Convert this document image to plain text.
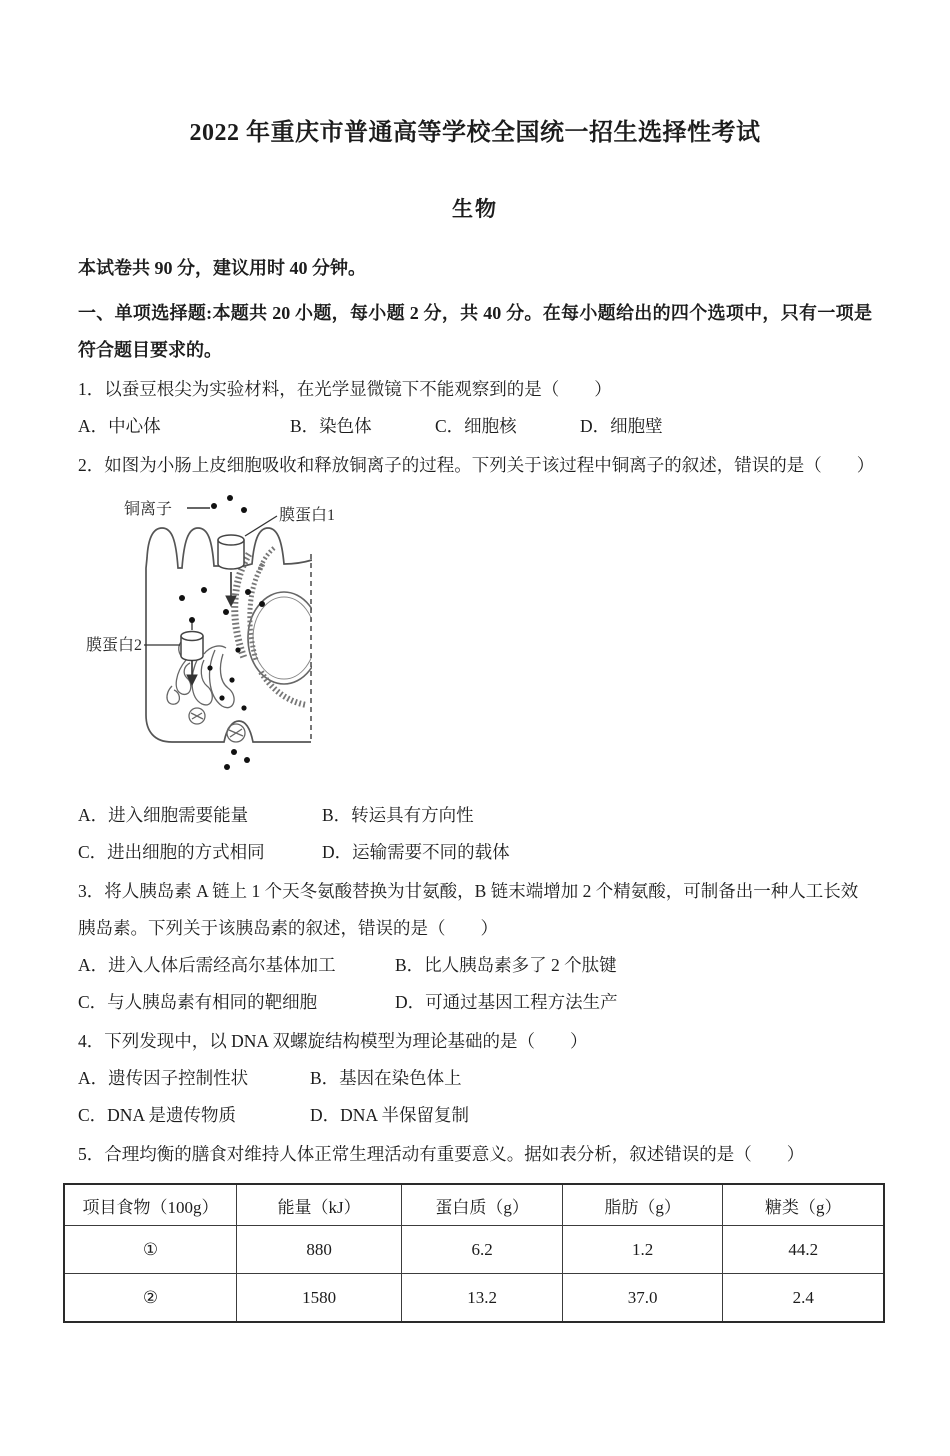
2022 年重庆市普通高等学校全国统一招生选择性考试
生物

本试卷共 90 分，建议用时 40 分钟。

一、单项选择题:本题共 20 小题，每小题 2 分，共 40 分。在每小题给出的四个选项中，只有一项是符合题目要求的。

1．以蚕豆根尖为实验材料，在光学显微镜下不能观察到的是（　　）

A．中心体	B．染色体	C．细胞核	D．细胞壁

2．如图为小肠上皮细胞吸收和释放铜离子的过程。下列关于该过程中铜离子的叙述，错误的是（　　）

铜离子	膜蛋白1
膜蛋白2
A．进入细胞需要能量	B．转运具有方向性
C．进出细胞的方式相同	D．运输需要不同的载体

3．将人胰岛素 A 链上 1 个天冬氨酸替换为甘氨酸，B 链末端增加 2 个精氨酸，可制备出一种人工长效胰岛素。下列关于该胰岛素的叙述，错误的是（　　）

A．进入人体后需经高尔基体加工	B．比人胰岛素多了 2 个肽键
C．与人胰岛素有相同的靶细胞	D．可通过基因工程方法生产

4．下列发现中，以 DNA 双螺旋结构模型为理论基础的是（　　）

A．遗传因子控制性状	B．基因在染色体上
C．DNA 是遗传物质	D．DNA 半保留复制

5．合理均衡的膳食对维持人体正常生理活动有重要意义。据如表分析，叙述错误的是（　　）

项目食物（100g）	能量（kJ）	蛋白质（g）	脂肪（g）	糖类（g）
①	880	6.2	1.2	44.2
②	1580	13.2	37.0	2.4
